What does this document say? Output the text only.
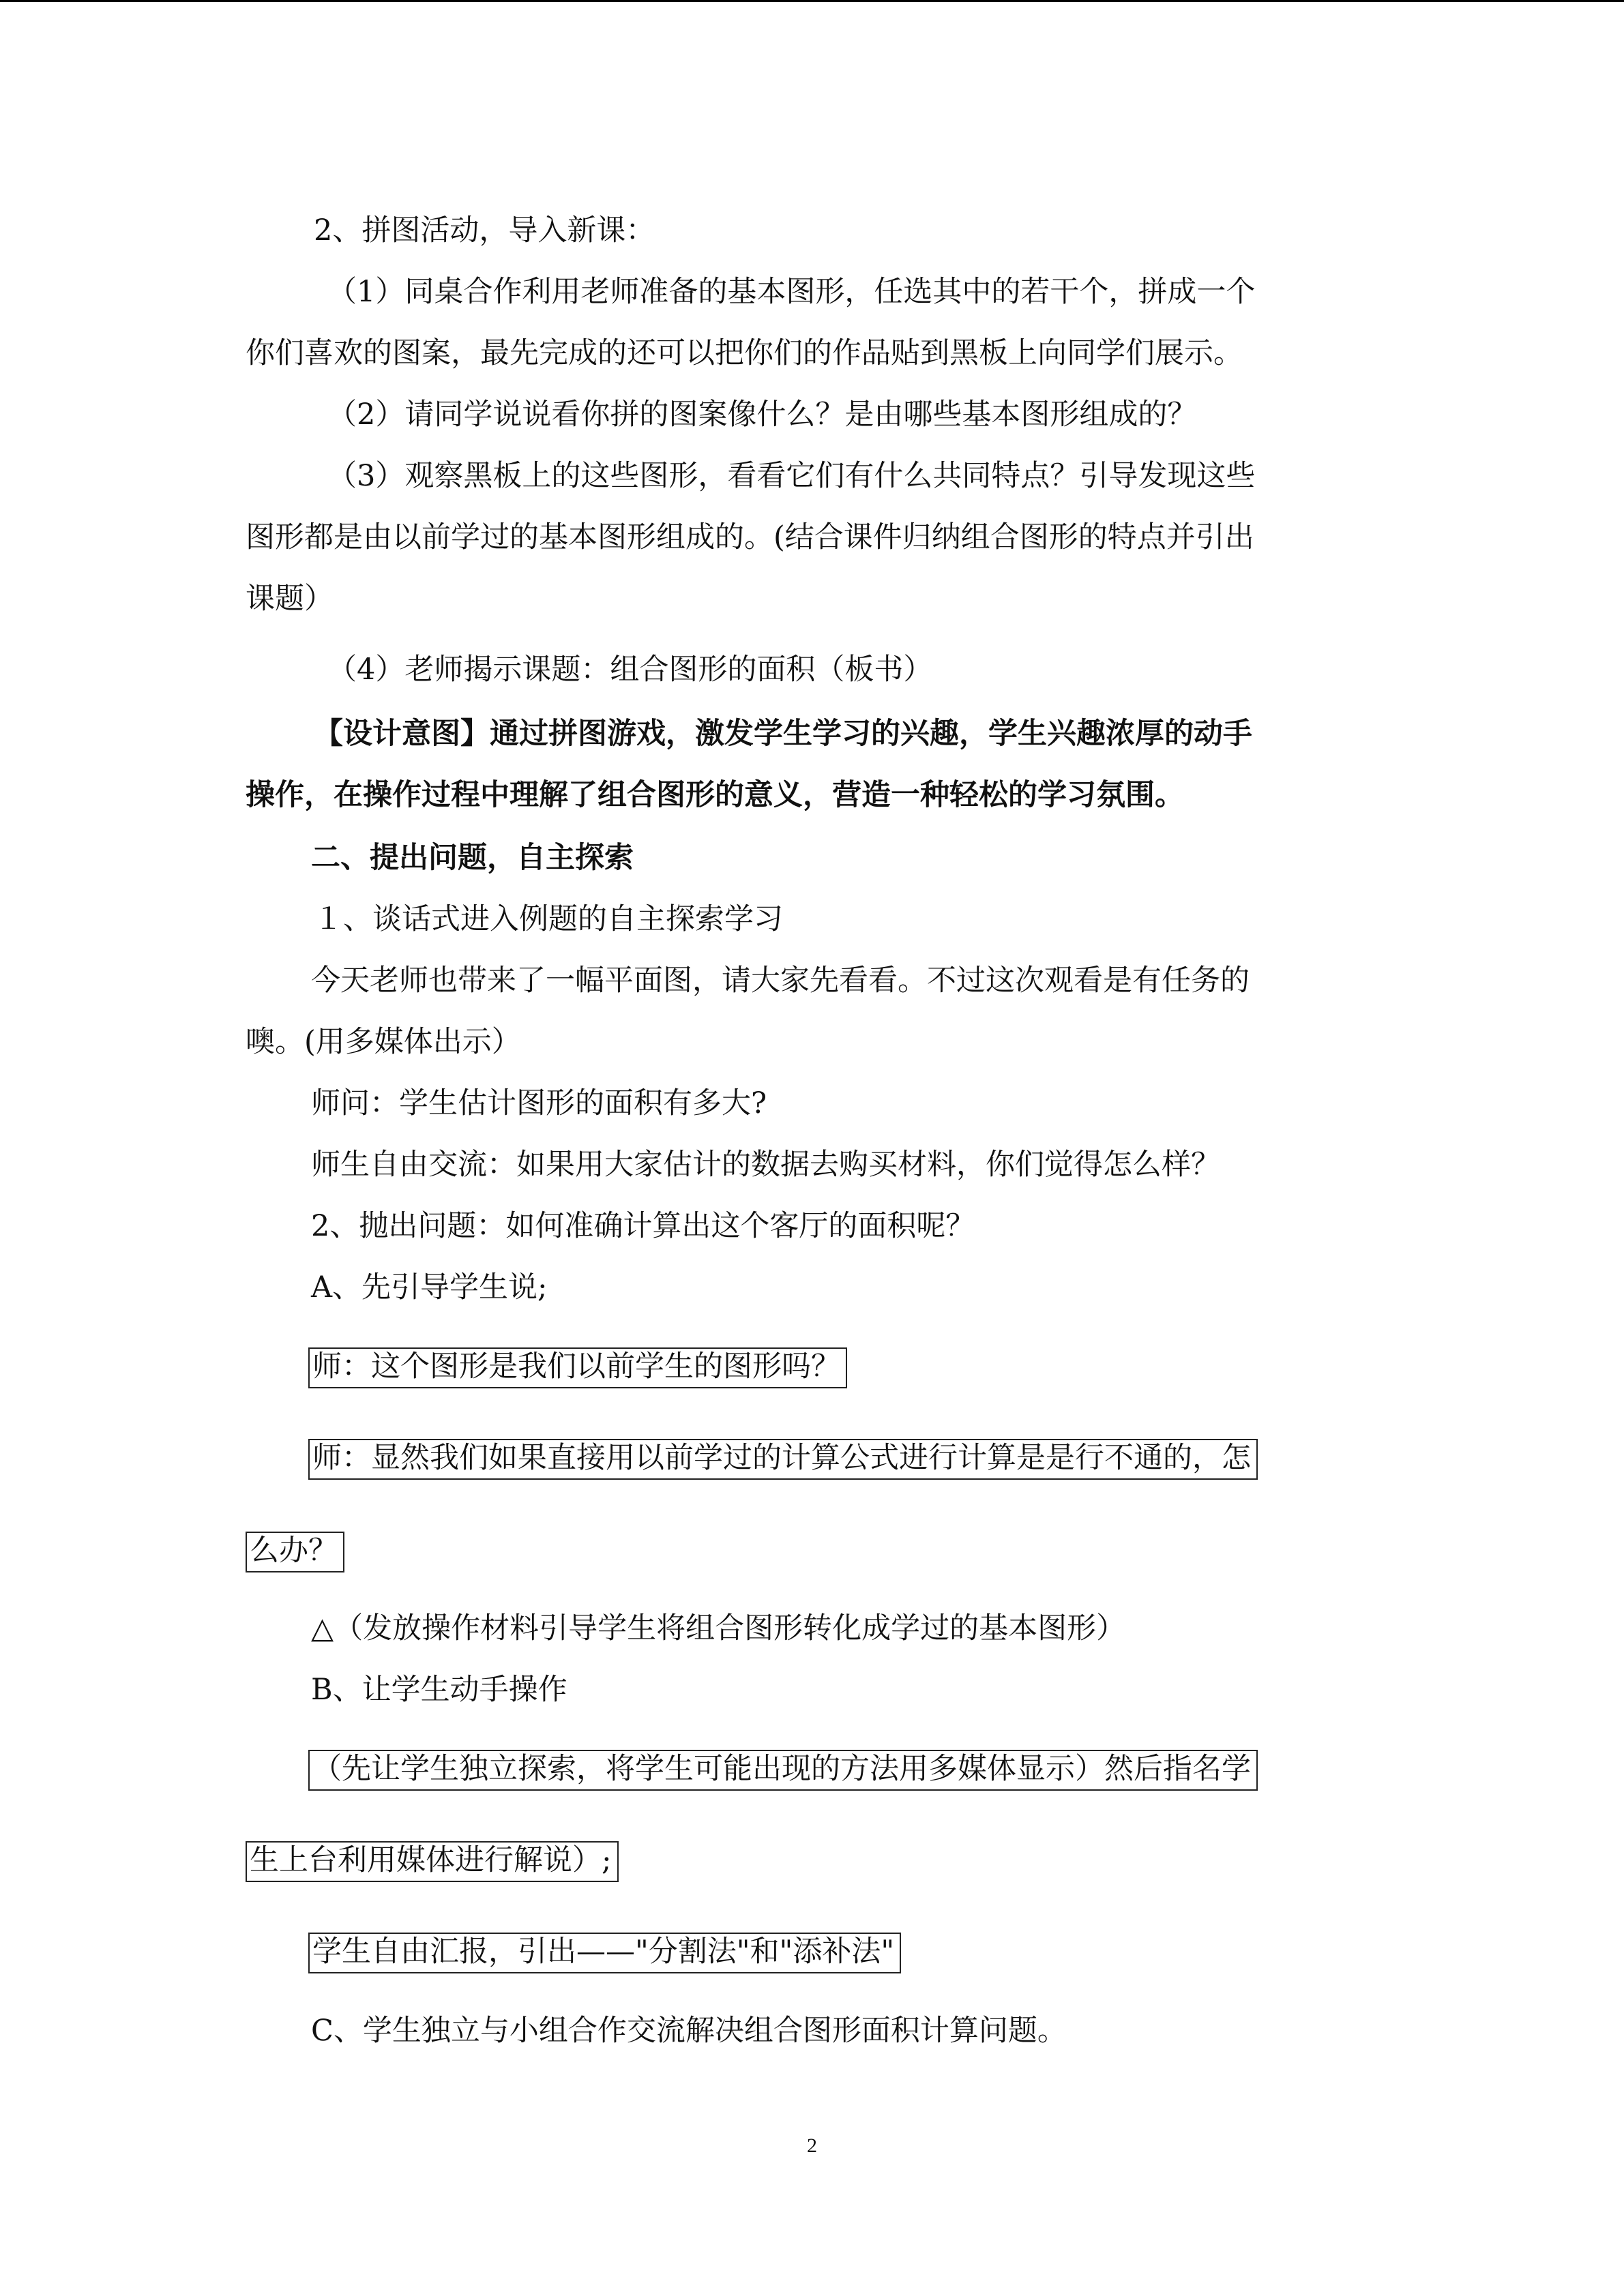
2、拼图活动，导入新课：
（1）同桌合作利用老师准备的基本图形，任选其中的若干个，拼成一个
你们喜欢的图案，最先完成的还可以把你们的作品贴到黑板上向同学们展示。
（2）请同学说说看你拼的图案像什么？是由哪些基本图形组成的？
（3）观察黑板上的这些图形，看看它们有什么共同特点？引导发现这些
图形都是由以前学过的基本图形组成的。(结合课件归纳组合图形的特点并引出
课题）
（4）老师揭示课题：组合图形的面积（板书）
【设计意图】通过拼图游戏，激发学生学习的兴趣，学生兴趣浓厚的动手
操作，在操作过程中理解了组合图形的意义，营造一种轻松的学习氛围。
二、提出问题，自主探索
１、谈话式进入例题的自主探索学习
今天老师也带来了一幅平面图，请大家先看看。不过这次观看是有任务的
噢。(用多媒体出示）
师问：学生估计图形的面积有多大?
师生自由交流：如果用大家估计的数据去购买材料，你们觉得怎么样？
2、抛出问题：如何准确计算出这个客厅的面积呢？
A、先引导学生说;
师：这个图形是我们以前学生的图形吗？
师：显然我们如果直接用以前学过的计算公式进行计算是是行不通的，怎
么办？
△（发放操作材料引导学生将组合图形转化成学过的基本图形）
B、让学生动手操作
（先让学生独立探索，将学生可能出现的方法用多媒体显示）然后指名学
生上台利用媒体进行解说）;
学生自由汇报，引出——"分割法"和"添补法"
C、学生独立与小组合作交流解决组合图形面积计算问题。
2
